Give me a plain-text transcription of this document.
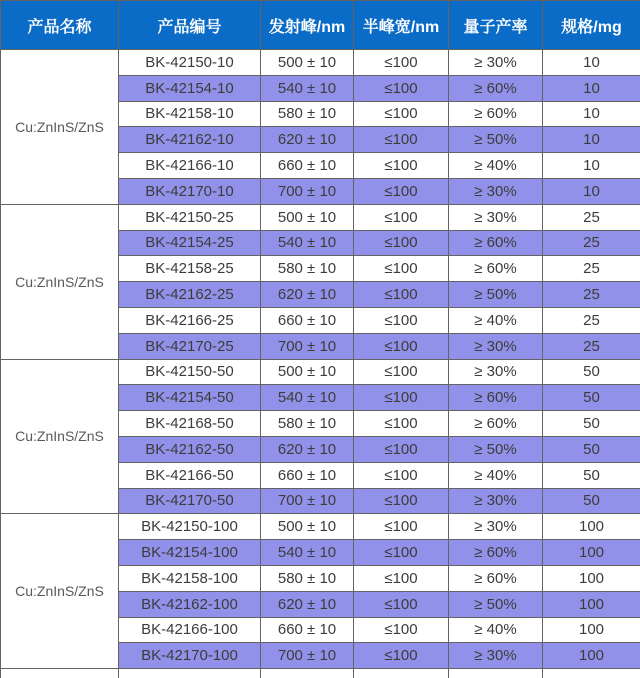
产品名称	产品编号	发射峰/nm	半峰宽/nm	量子产率	规格/mg
Cu:ZnInS/ZnS	BK-42150-10	500 ± 10	≤100	≥ 30%	10
	BK-42154-10	540 ± 10	≤100	≥ 60%	10
	BK-42158-10	580 ± 10	≤100	≥ 60%	10
	BK-42162-10	620 ± 10	≤100	≥ 50%	10
	BK-42166-10	660 ± 10	≤100	≥ 40%	10
	BK-42170-10	700 ± 10	≤100	≥ 30%	10
Cu:ZnInS/ZnS	BK-42150-25	500 ± 10	≤100	≥ 30%	25
	BK-42154-25	540 ± 10	≤100	≥ 60%	25
	BK-42158-25	580 ± 10	≤100	≥ 60%	25
	BK-42162-25	620 ± 10	≤100	≥ 50%	25
	BK-42166-25	660 ± 10	≤100	≥ 40%	25
	BK-42170-25	700 ± 10	≤100	≥ 30%	25
Cu:ZnInS/ZnS	BK-42150-50	500 ± 10	≤100	≥ 30%	50
	BK-42154-50	540 ± 10	≤100	≥ 60%	50
	BK-42168-50	580 ± 10	≤100	≥ 60%	50
	BK-42162-50	620 ± 10	≤100	≥ 50%	50
	BK-42166-50	660 ± 10	≤100	≥ 40%	50
	BK-42170-50	700 ± 10	≤100	≥ 30%	50
Cu:ZnInS/ZnS	BK-42150-100	500 ± 10	≤100	≥ 30%	100
	BK-42154-100	540 ± 10	≤100	≥ 60%	100
	BK-42158-100	580 ± 10	≤100	≥ 60%	100
	BK-42162-100	620 ± 10	≤100	≥ 50%	100
	BK-42166-100	660 ± 10	≤100	≥ 40%	100
	BK-42170-100	700 ± 10	≤100	≥ 30%	100
